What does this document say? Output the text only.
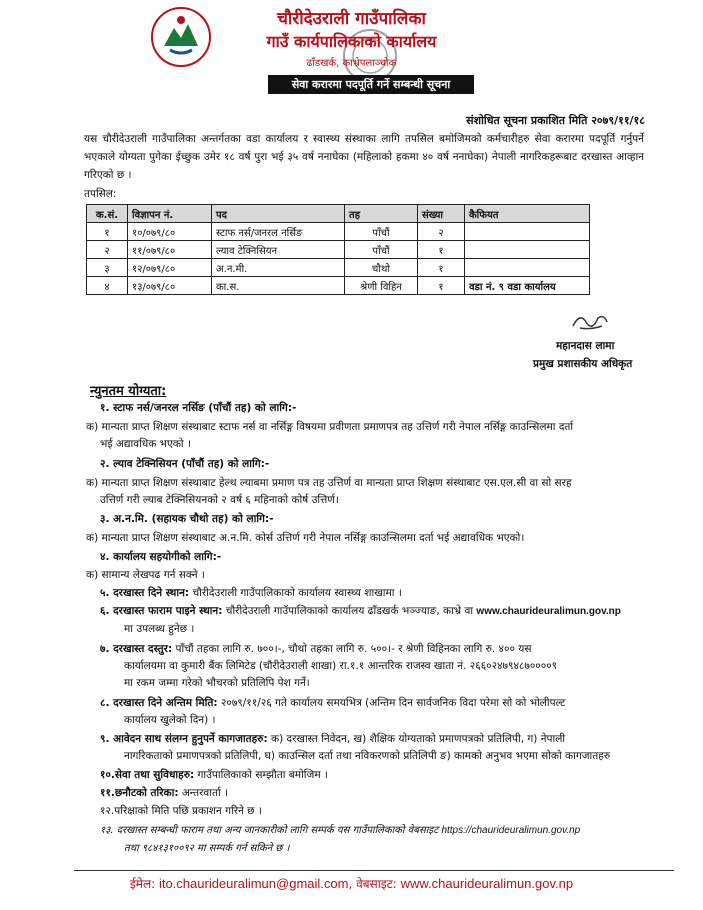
चौरीदेउराली गाउँपालिका
गाउँ कार्यपालिकाको कार्यालय
ढाँडखर्क, काभ्रेपलाञ्चोक
सेवा करारमा पदपूर्ति गर्ने सम्बन्धी सूचना
संशोधित सूचना प्रकाशित मिति २०७९/११/१८
यस चौरीदेउराली गाउँपालिका अन्तर्गतका वडा कार्यालय र स्वास्थ्य संस्थाका लागि तपसिल बमोजिमको कर्मचारीहरु सेवा करारमा पदपूर्ति गर्नुपर्ने भएकाले योग्यता पुगेका ईच्छुक उमेर १८ वर्ष पुरा भई ३५ वर्ष ननाघेका (महिलाको हकमा ४० वर्ष ननाघेका) नेपाली नागरिकहरूबाट दरखास्त आव्हान गरिएको छ ।
तपसिल:
क.सं.	विज्ञापन नं.	पद	तह	संख्या	कैफियत
१	१०/०७९/८०	स्टाफ नर्स/जनरल नर्सिङ	पाँचौं	२	
२	११/०७९/८०	ल्याव टेक्निसियन	पाँचौं	१	
३	१२/०७९/८०	अ.न.मी.	चौथो	१	
४	१३/०७९/८०	का.स.	श्रेणी विहिन	१	वडा नं. ९ वडा कार्यालय
महानदास लामा
प्रमुख प्रशासकीय अधिकृत
न्युनतम योग्यता:
१. स्टाफ नर्स/जनरल नर्सिङ (पाँचौं तह) को लागि:-
क) मान्यता प्राप्त शिक्षण संस्थाबाट स्टाफ नर्स वा नर्सिङ्ग विषयमा प्रवीणता प्रमाणपत्र तह उत्तिर्ण गरी नेपाल नर्सिङ्ग काउन्सिलमा दर्ता
भई अद्यावधिक भएको ।
२. ल्याव टेक्निसियन (पाँचौं तह) को लागि:-
क) मान्यता प्राप्त शिक्षण संस्थाबाट हेल्थ ल्याबमा प्रमाण पत्र तह उत्तिर्ण वा मान्यता प्राप्त शिक्षण संस्थाबाट एस.एल.सी वा सो सरह
उत्तिर्ण गरी ल्याब टेक्निसियनको २ वर्ष ६ महिनाको कोर्ष उत्तिर्ण।
३. अ.न.मि. (सहायक चौथो तह) को लागि:-
क) मान्यता प्राप्त शिक्षण संस्थाबाट अ.न.मि. कोर्स उत्तिर्ण गरी नेपाल नर्सिङ्ग काउन्सिलमा दर्ता भई अद्यावधिक भएको।
४. कार्यालय सहयोगीको लागि:-
क) सामान्य लेखपढ गर्न सक्ने ।
५. दरखास्त दिने स्थान: चौरीदेउराली गाउँपालिकाको कार्यालय स्वास्थ्य शाखामा ।
६. दरखास्त फाराम पाइने स्थान: चौरीदेउराली गाउँपालिकाको कार्यालय ढाँडखर्क भञ्ज्याङ, काभ्रे वा www.chaurideuralimun.gov.np
मा उपलब्ध हुनेछ ।
७. दरखास्त दस्तुर: पाँचौं तहका लागि रु. ७००।-, चौथो तहका लागि रु. ५००।- र श्रेणी विहिनका लागि रु. ४०० यस
कार्यालयमा वा कुमारी बैंक लिमिटेड (चौरीदेउराली शाखा) रा.१.१ आन्तरिक राजस्व खाता नं. २६६०२४७९४८७००००९
मा रकम जम्मा गरेको भौचरको प्रतिलिपि पेश गर्ने।
८. दरखास्त दिने अन्तिम मिति: २०७९/११/२६ गते कार्यालय समयभित्र (अन्तिम दिन सार्वजनिक विदा परेमा सो को भोलीपल्ट
कार्यालय खुलेको दिन) ।
९. आवेदन साथ संलग्न हुनुपर्ने कागजातहरु: क) दरखास्त निवेदन, ख) शैक्षिक योग्यताको प्रमाणपत्रको प्रतिलिपी, ग) नेपाली
नागरिकताको प्रमाणपत्रको प्रतिलिपी, घ) काउन्सिल दर्ता तथा नविकरणको प्रतिलिपी ङ) कामको अनुभव भएमा सोको कागजातहरु
१०.सेवा तथा सुविधाहरु: गाउँपालिकाको सम्झौता बमोजिम ।
११.छनौटको तरिका: अन्तरवार्ता ।
१२.परिक्षाको मिति पछि प्रकाशन गरिने छ ।
१३. दरखास्त सम्बन्धी फाराम तथा अन्य जानकारीको लागि सम्पर्क यस गाउँपालिकाको वेबसाइट https://chaurideuralimun.gov.np
तथा ९८४१३१००९२ मा सम्पर्क गर्न सकिने छ ।
ईमेल: ito.chaurideuralimun@gmail.com, वेबसाइट: www.chaurideuralimun.gov.np
